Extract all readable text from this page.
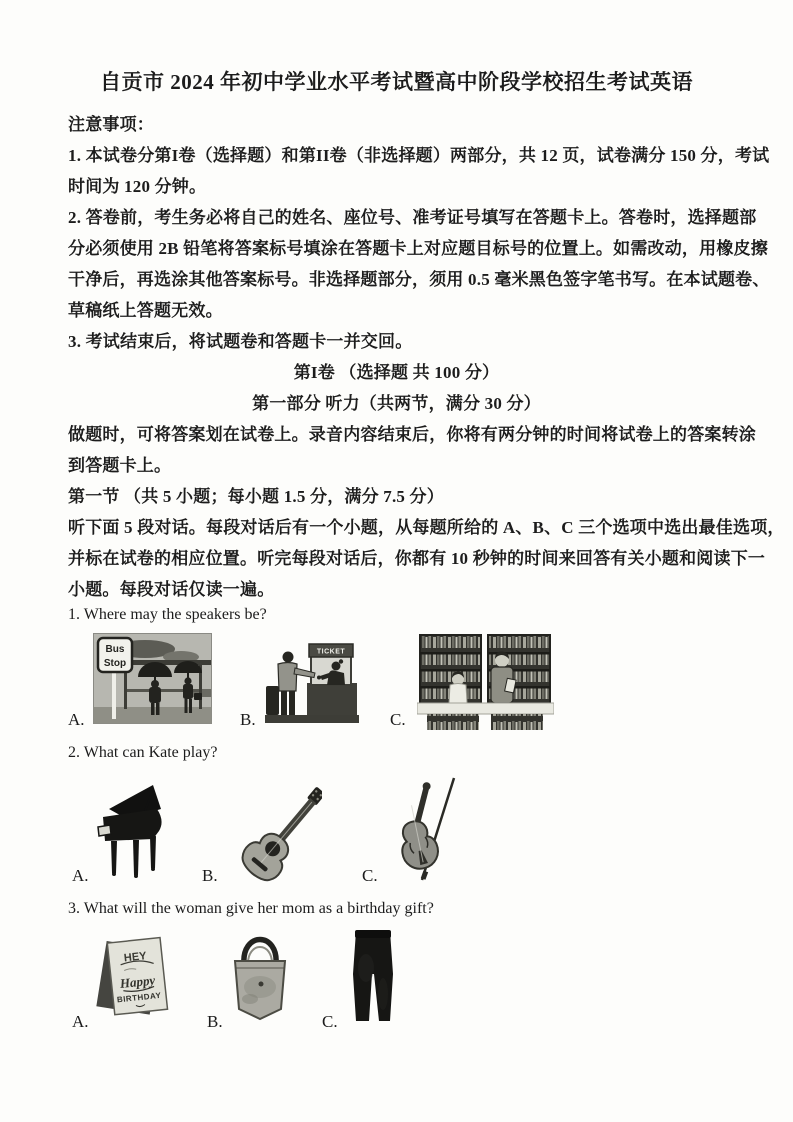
自贡市 2024 年初中学业水平考试暨高中阶段学校招生考试英语
注意事项：
1. 本试卷分第I卷（选择题）和第II卷（非选择题）两部分，共 12 页，试卷满分 150 分，考试
时间为 120 分钟。
2. 答卷前，考生务必将自己的姓名、座位号、准考证号填写在答题卡上。答卷时，选择题部
分必须使用 2B 铅笔将答案标号填涂在答题卡上对应题目标号的位置上。如需改动，用橡皮擦
干净后，再选涂其他答案标号。非选择题部分，须用 0.5 毫米黑色签字笔书写。在本试题卷、
草稿纸上答题无效。
3. 考试结束后，将试题卷和答题卡一并交回。
第I卷 （选择题 共 100 分）
第一部分 听力（共两节，满分 30 分）
做题时，可将答案划在试卷上。录音内容结束后，你将有两分钟的时间将试卷上的答案转涂
到答题卡上。
第一节 （共 5 小题；每小题 1.5 分，满分 7.5 分）
听下面 5 段对话。每段对话后有一个小题，从每题所给的 A、B、C 三个选项中选出最佳选项，
并标在试卷的相应位置。听完每段对话后，你都有 10 秒钟的时间来回答有关小题和阅读下一
小题。每段对话仅读一遍。
1. Where may the speakers be?
A.
Bus
Stop
B.
TICKET
C.
2. What can Kate play?
A.	B.	C.
3. What will the woman give her mom as a birthday gift?
A.
HEY
Happy
BIRTHDAY
B.	C.
